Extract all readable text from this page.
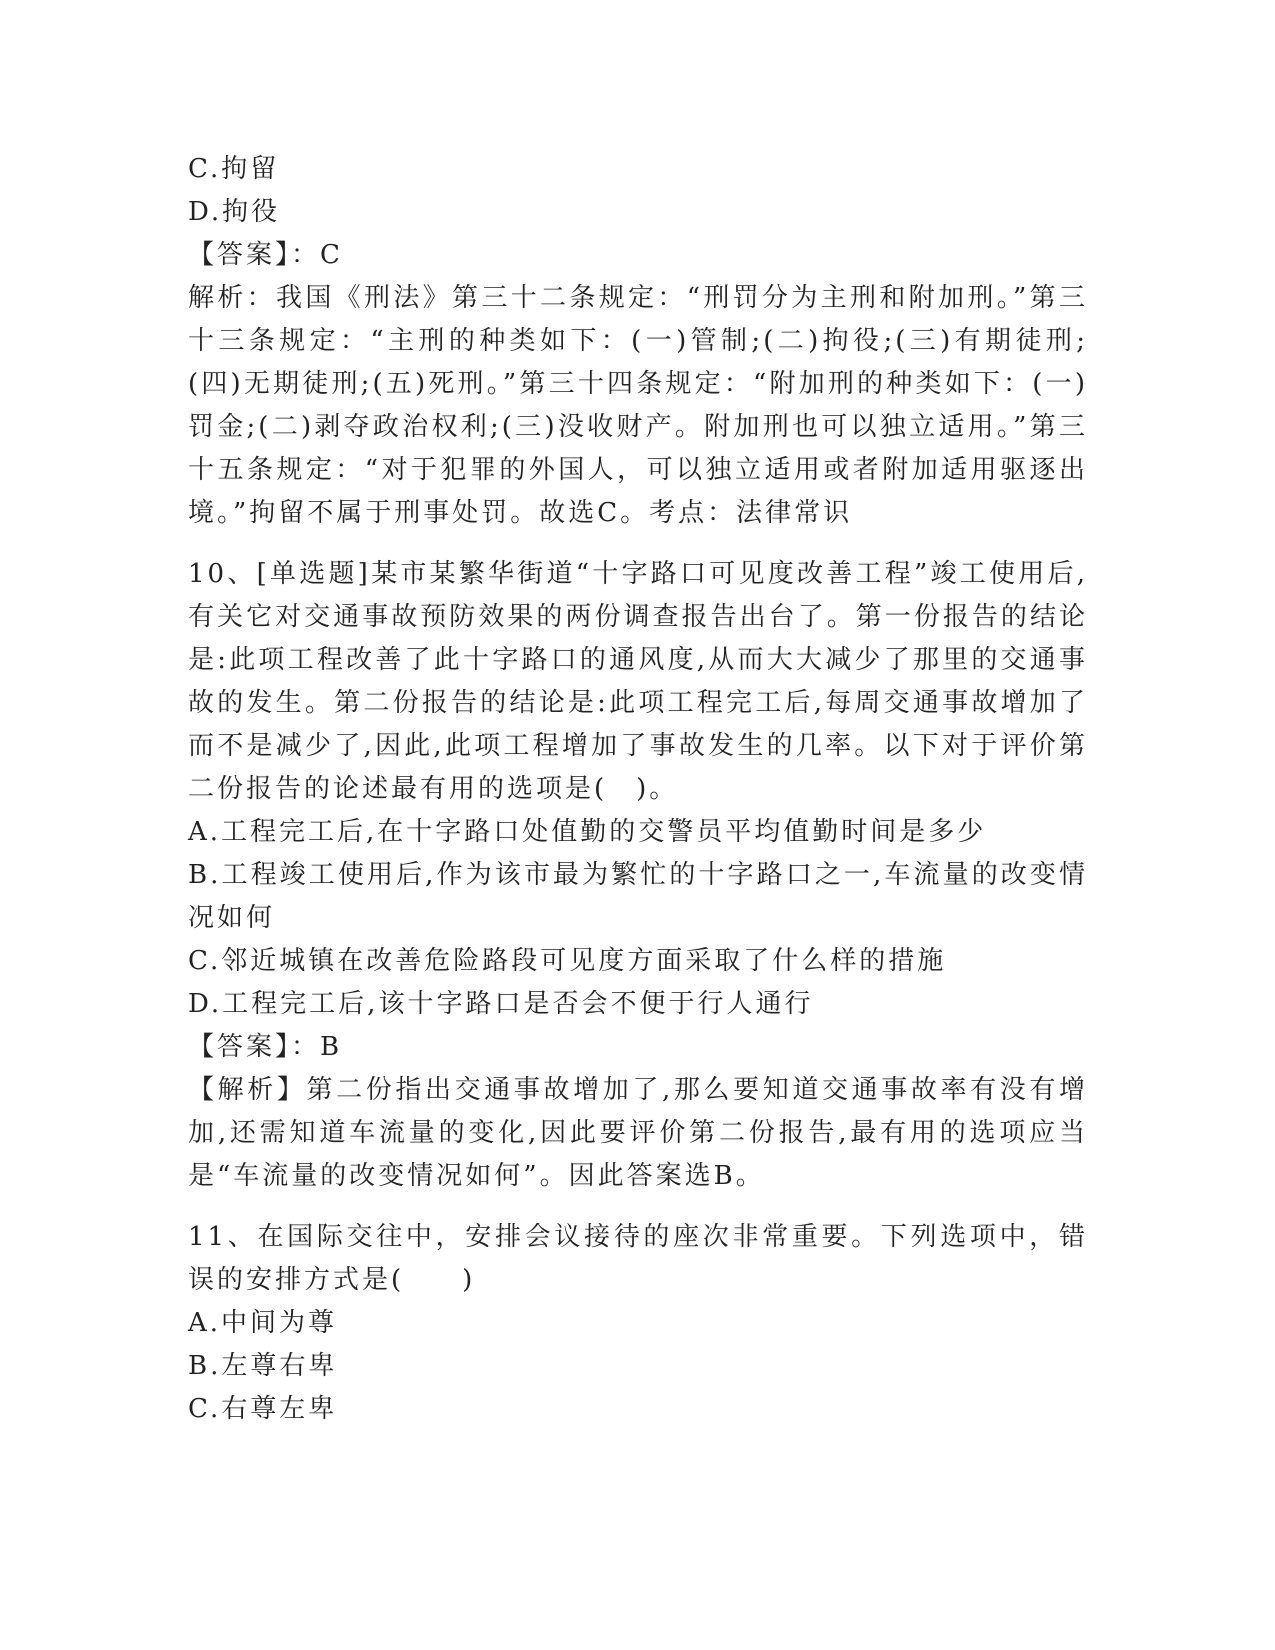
C.拘留
D.拘役
【答案】：C
解析：我国《刑法》第三十二条规定：“刑罚分为主刑和附加刑。”第三十三条规定：“主刑的种类如下：(一)管制;(二)拘役;(三)有期徒刑;(四)无期徒刑;(五)死刑。”第三十四条规定：“附加刑的种类如下：(一)罚金;(二)剥夺政治权利;(三)没收财产。附加刑也可以独立适用。”第三十五条规定：“对于犯罪的外国人，可以独立适用或者附加适用驱逐出境。”拘留不属于刑事处罚。故选C。考点：法律常识
10、[单选题]某市某繁华街道“十字路口可见度改善工程”竣工使用后,有关它对交通事故预防效果的两份调查报告出台了。第一份报告的结论是:此项工程改善了此十字路口的通风度,从而大大减少了那里的交通事故的发生。第二份报告的结论是:此项工程完工后,每周交通事故增加了而不是减少了,因此,此项工程增加了事故发生的几率。以下对于评价第二份报告的论述最有用的选项是(　)。
A.工程完工后,在十字路口处值勤的交警员平均值勤时间是多少
B.工程竣工使用后,作为该市最为繁忙的十字路口之一,车流量的改变情况如何
C.邻近城镇在改善危险路段可见度方面采取了什么样的措施
D.工程完工后,该十字路口是否会不便于行人通行
【答案】：B
【解析】第二份指出交通事故增加了,那么要知道交通事故率有没有增加,还需知道车流量的变化,因此要评价第二份报告,最有用的选项应当是“车流量的改变情况如何”。因此答案选B。
11、在国际交往中，安排会议接待的座次非常重要。下列选项中，错误的安排方式是(　　)
A.中间为尊
B.左尊右卑
C.右尊左卑
